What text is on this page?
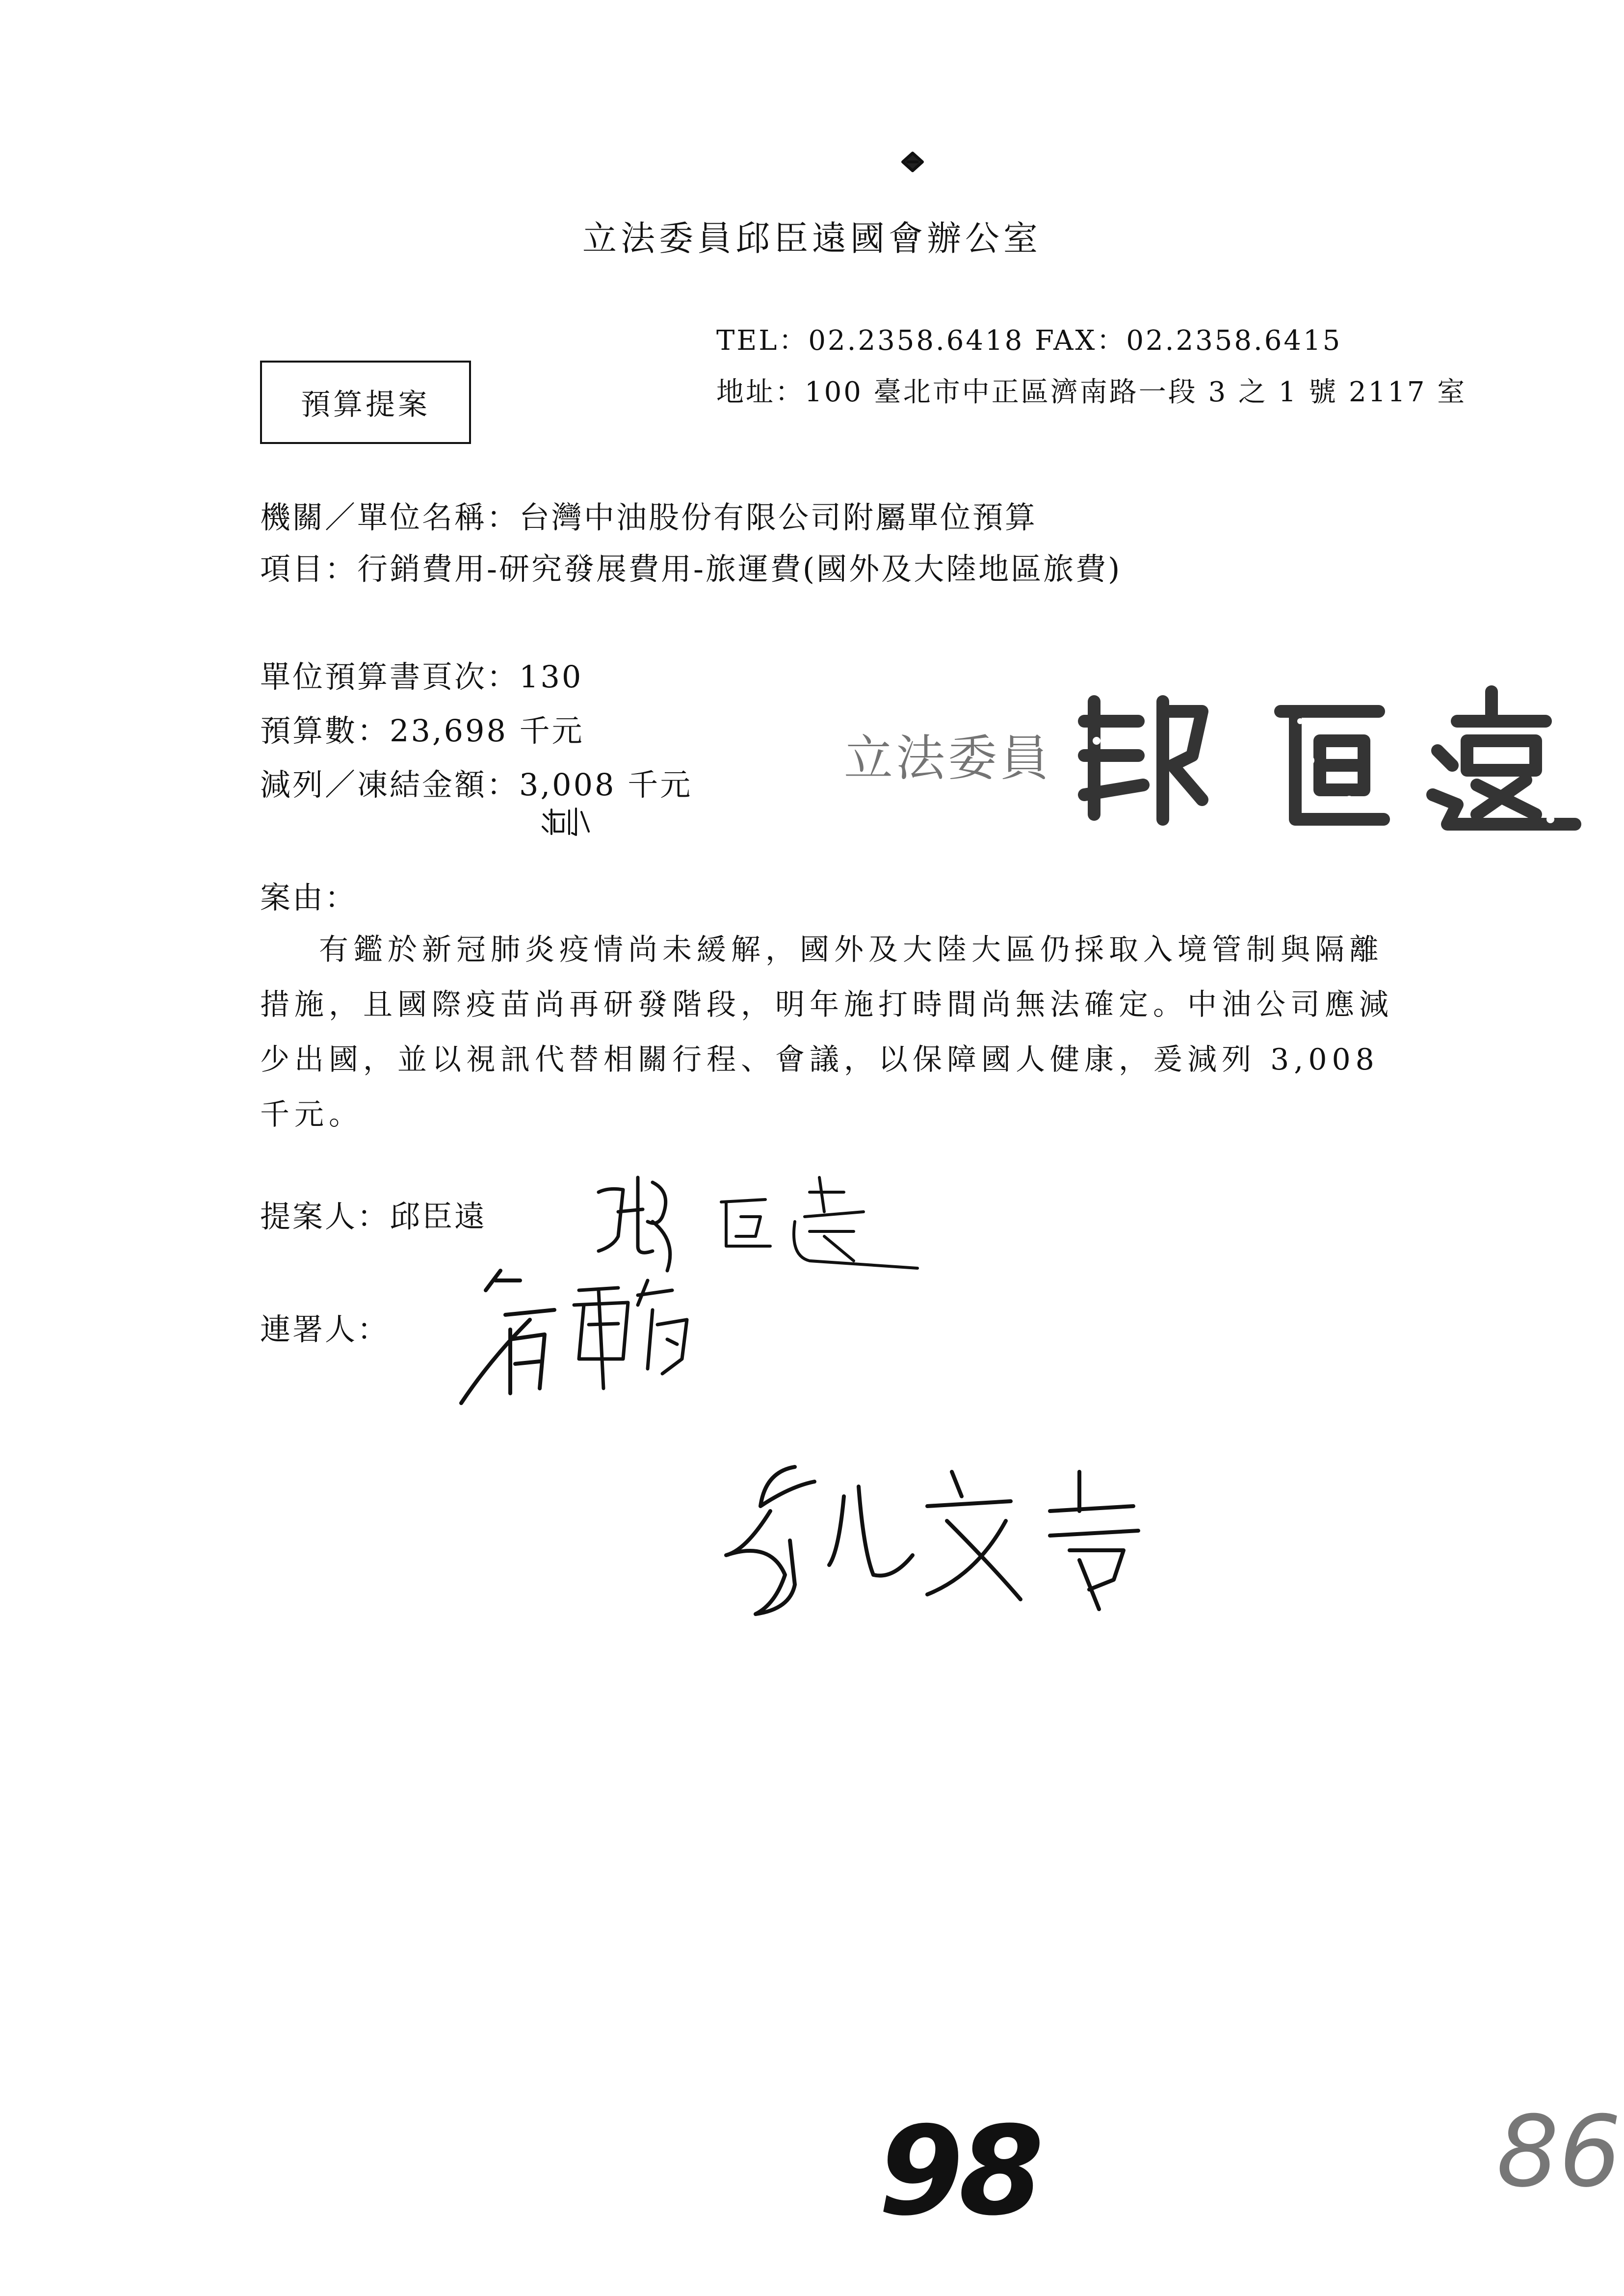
立法委員邱臣遠國會辦公室
TEL：02.2358.6418 FAX：02.2358.6415
地址：100 臺北市中正區濟南路一段 3 之 1 號 2117 室
預算提案
機關／單位名稱：台灣中油股份有限公司附屬單位預算
項目：行銷費用-研究發展費用-旅運費(國外及大陸地區旅費)
單位預算書頁次：130
預算數：23,698 千元
減列／凍結金額：3,008 千元	立法委員
案由：
有鑑於新冠肺炎疫情尚未緩解，國外及大陸大區仍採取入境管制與隔離措施，且國際疫苗尚再研發階段，明年施打時間尚無法確定。中油公司應減少出國，並以視訊代替相關行程、會議，以保障國人健康，爰減列 3,008 千元。
提案人：邱臣遠
連署人：
98	86
